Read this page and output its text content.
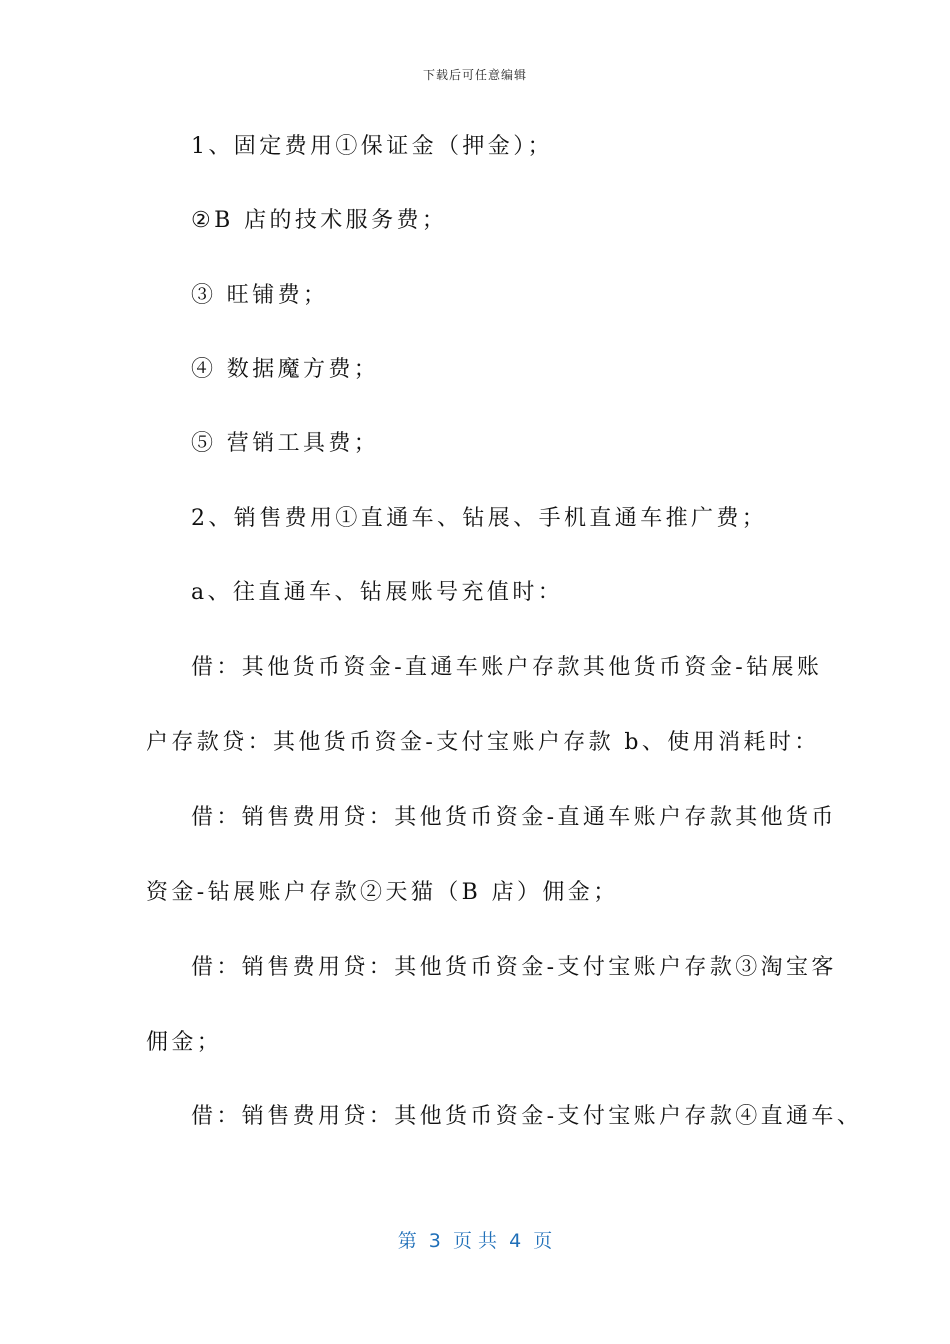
下载后可任意编辑
1、固定费用①保证金（押金）；
②B 店的技术服务费；
③ 旺铺费；
④ 数据魔方费；
⑤ 营销工具费；
2、销售费用①直通车、钻展、手机直通车推广费；
a、往直通车、钻展账号充值时：
借：其他货币资金-直通车账户存款其他货币资金-钻展账
户存款贷：其他货币资金-支付宝账户存款 b、使用消耗时：
借：销售费用贷：其他货币资金-直通车账户存款其他货币
资金-钻展账户存款②天猫（B 店）佣金；
借：销售费用贷：其他货币资金-支付宝账户存款③淘宝客
佣金；
借：销售费用贷：其他货币资金-支付宝账户存款④直通车、
第  3  页 共  4  页
